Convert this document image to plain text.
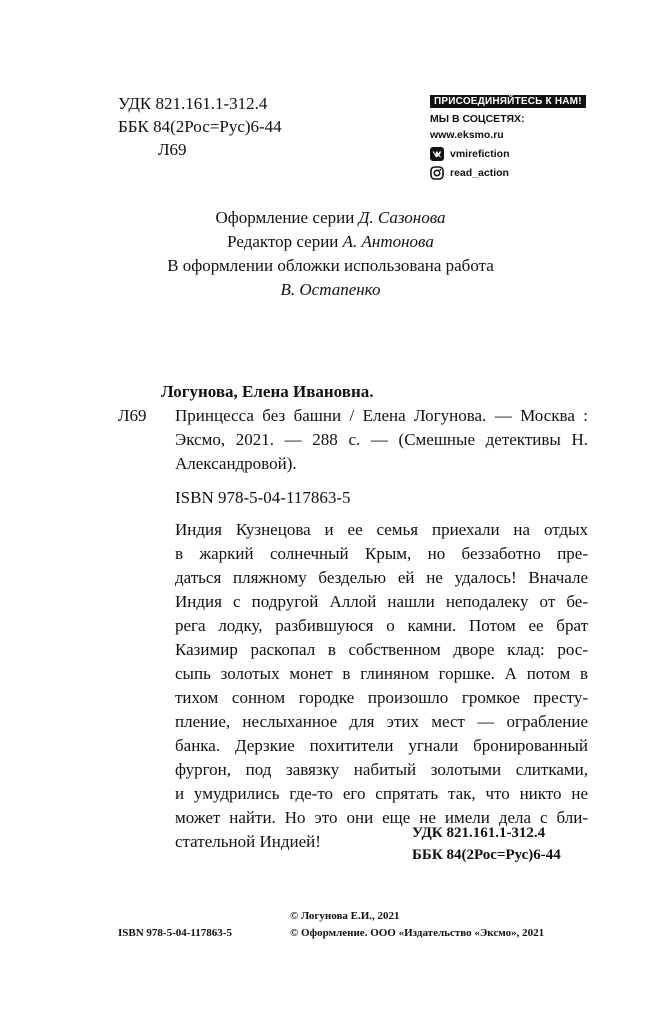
УДК 821.161.1-312.4
ББК 84(2Рос=Рус)6-44
Л69
ПРИСОЕДИНЯЙТЕСЬ К НАМ!
МЫ В СОЦСЕТЯХ:
www.eksmo.ru
vmirefiction
read_action
Оформление серии Д. Сазонова
Редактор серии А. Антонова
В оформлении обложки использована работа
В. Остапенко
Логунова, Елена Ивановна.
Л69	Принцесса без башни / Елена Логунова. — Москва : Эксмо, 2021. — 288 с. — (Смешные детективы Н. Александровой).
ISBN 978-5-04-117863-5
Индия Кузнецова и ее семья приехали на отдых
в жаркий солнечный Крым, но беззаботно пре-
даться пляжному безделью ей не удалось! Вначале
Индия с подругой Аллой нашли неподалеку от бе-
рега лодку, разбившуюся о камни. Потом ее брат
Казимир раскопал в собственном дворе клад: рос-
сыпь золотых монет в глиняном горшке. А потом в
тихом сонном городке произошло громкое престу-
пление, неслыханное для этих мест — ограбление
банка. Дерзкие похитители угнали бронированный
фургон, под завязку набитый золотыми слитками,
и умудрились где-то его спрятать так, что никто не
может найти. Но это они еще не имели дела с бли-
стательной Индией!	УДК 821.161.1-312.4
ББК 84(2Рос=Рус)6-44
© Логунова Е.И., 2021
ISBN 978-5-04-117863-5	© Оформление. ООО «Издательство «Эксмо», 2021
